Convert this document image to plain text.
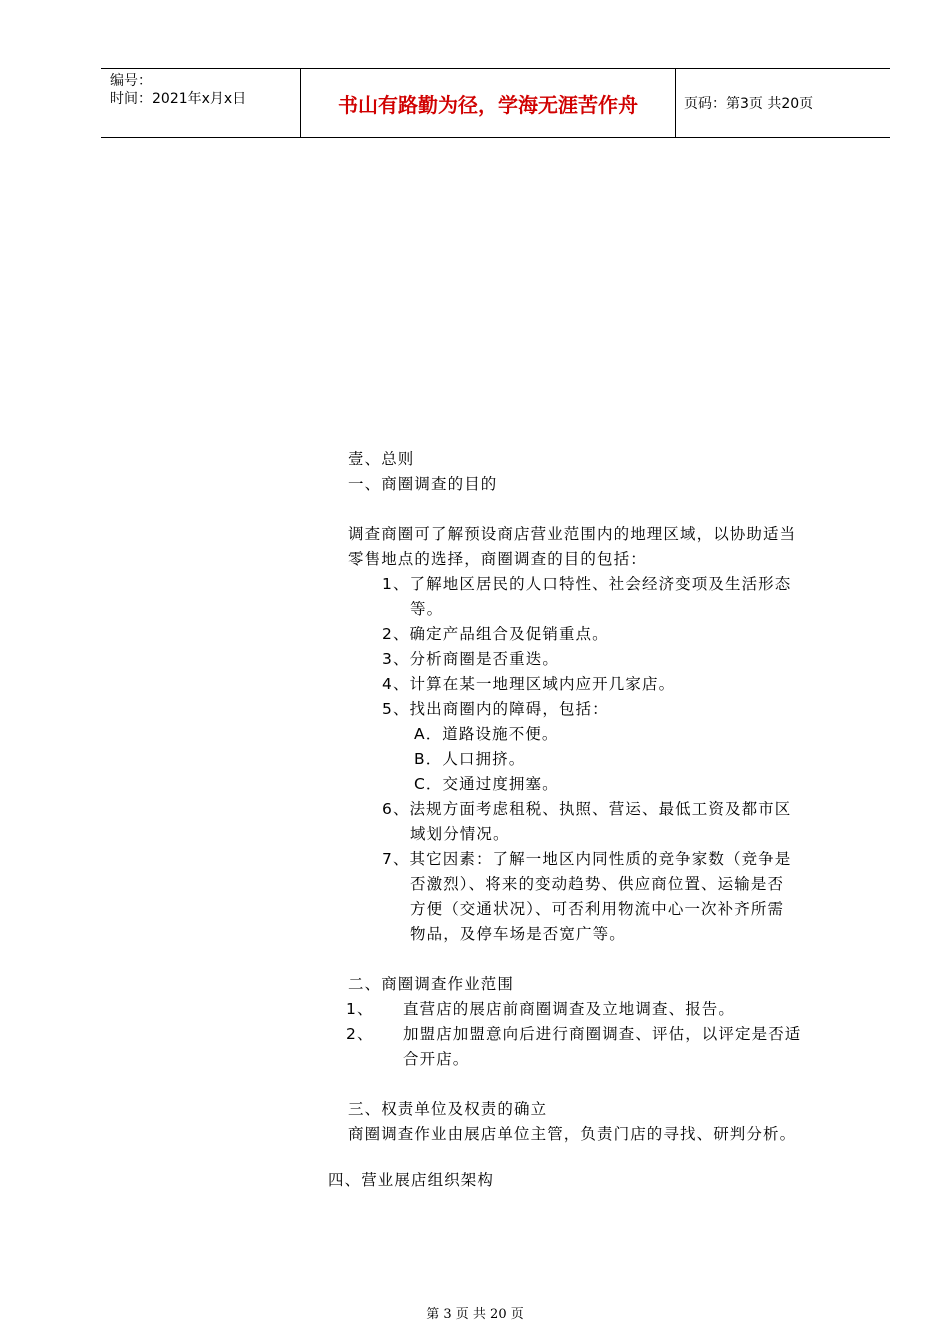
编号：
时间：2021年x月x日	书山有路勤为径，学海无涯苦作舟	页码：第3页 共20页
壹、总则
一、商圈调查的目的
调查商圈可了解预设商店营业范围内的地理区域，以协助适当
零售地点的选择，商圈调查的目的包括：
1、了解地区居民的人口特性、社会经济变项及生活形态
等。
2、确定产品组合及促销重点。
3、分析商圈是否重迭。
4、计算在某一地理区域内应开几家店。
5、找出商圈内的障碍，包括：
A．道路设施不便。
B．人口拥挤。
C．交通过度拥塞。
6、法规方面考虑租税、执照、营运、最低工资及都市区
域划分情况。
7、其它因素：了解一地区内同性质的竞争家数（竞争是
否激烈）、将来的变动趋势、供应商位置、运输是否
方便（交通状况）、可否利用物流中心一次补齐所需
物品，及停车场是否宽广等。
二、商圈调查作业范围
1、 直营店的展店前商圈调查及立地调查、报告。
2、 加盟店加盟意向后进行商圈调查、评估，以评定是否适
合开店。
三、权责单位及权责的确立
商圈调查作业由展店单位主管，负责门店的寻找、研判分析。
四、营业展店组织架构
第 3 页 共 20 页
